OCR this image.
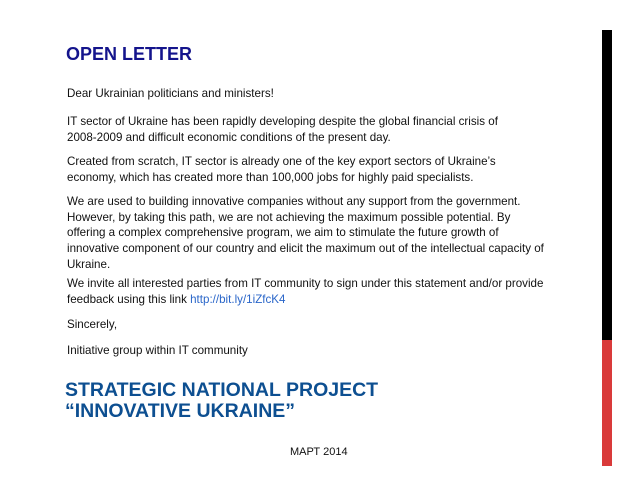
OPEN LETTER

Dear Ukrainian politicians and ministers!

IT sector of Ukraine has been rapidly developing despite the global financial crisis of 2008-2009 and difficult economic conditions of the present day.

Created from scratch, IT sector is already one of the key export sectors of Ukraine’s economy, which has created more than 100,000 jobs for highly paid specialists.

We are used to building innovative companies without any support from the government. However, by taking this path, we are not achieving the maximum possible potential. By offering a complex comprehensive program, we aim to stimulate the future growth of innovative component of our country and elicit the maximum out of the intellectual capacity of Ukraine.

We invite all interested parties from IT community to sign under this statement and/or provide feedback using this link http://bit.ly/1iZfcK4

Sincerely,

Initiative group within IT community

STRATEGIC NATIONAL PROJECT
“INNOVATIVE UKRAINE”
МАРТ 2014
